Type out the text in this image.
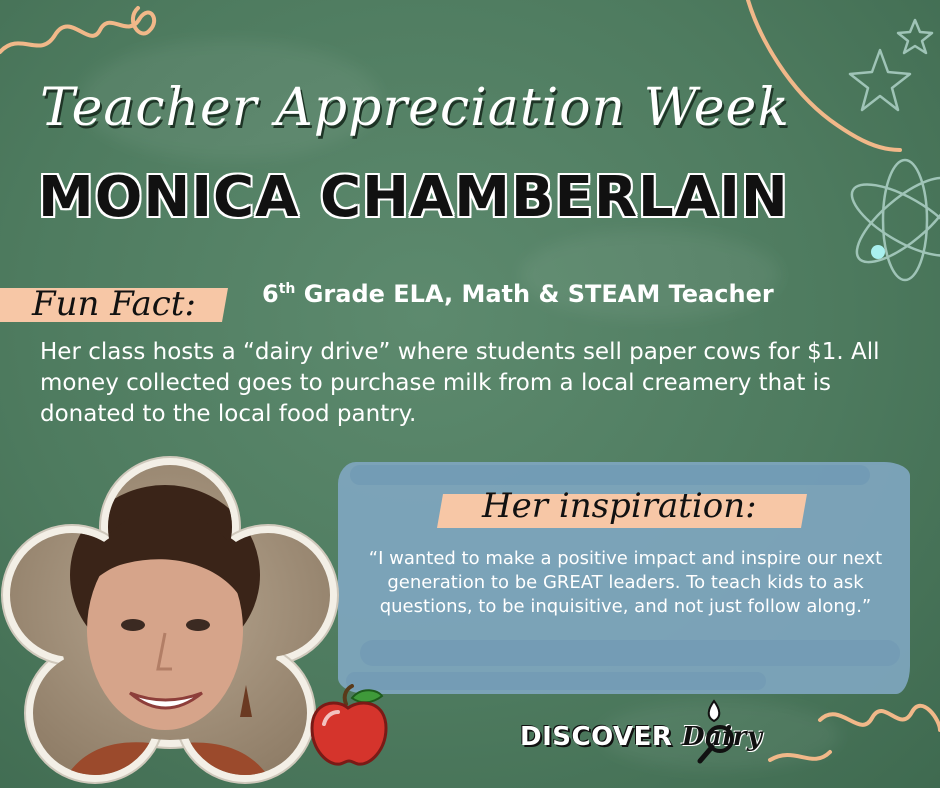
Teacher Appreciation Week
MONICA CHAMBERLAIN
Fun Fact:	6th Grade ELA, Math & STEAM Teacher
Her class hosts a “dairy drive” where students sell paper cows for $1. All money collected goes to purchase milk from a local creamery that is donated to the local food pantry.
Her inspiration:
“I wanted to make a positive impact and inspire our next generation to be GREAT leaders. To teach kids to ask questions, to be inquisitive, and not just follow along.”
DISCOVER Dairy
